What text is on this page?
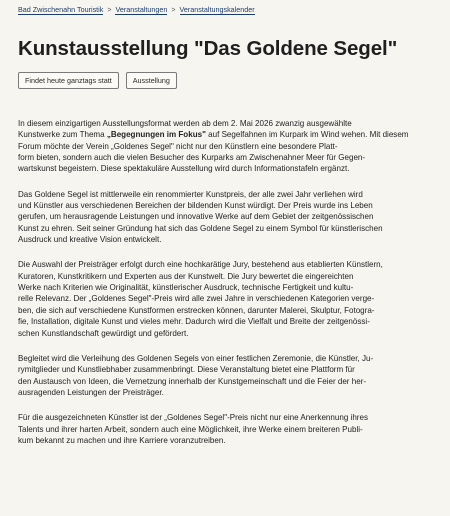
Bad Zwischenahn Touristik > Veranstaltungen > Veranstaltungskalender
Kunstausstellung "Das Goldene Segel"
Findet heute ganztags statt	Ausstellung

In diesem einzigartigen Ausstellungsformat werden ab dem 2. Mai 2026 zwanzig ausgewählte
Kunstwerke zum Thema „Begegnungen im Fokus" auf Segelfahnen im Kurpark im Wind wehen. Mit diesem
Forum möchte der Verein „Goldenes Segel" nicht nur den Künstlern eine besondere Platt-
form bieten, sondern auch die vielen Besucher des Kurparks am Zwischenahner Meer für Gegen-
wartskunst begeistern. Diese spektakuläre Ausstellung wird durch Informationstafeln ergänzt.

Das Goldene Segel ist mittlerweile ein renommierter Kunstpreis, der alle zwei Jahr verliehen wird
und Künstler aus verschiedenen Bereichen der bildenden Kunst würdigt. Der Preis wurde ins Leben
gerufen, um herausragende Leistungen und innovative Werke auf dem Gebiet der zeitgenössischen
Kunst zu ehren. Seit seiner Gründung hat sich das Goldene Segel zu einem Symbol für künstlerischen
Ausdruck und kreative Vision entwickelt.

Die Auswahl der Preisträger erfolgt durch eine hochkarätige Jury, bestehend aus etablierten Künstlern,
Kuratoren, Kunstkritikern und Experten aus der Kunstwelt. Die Jury bewertet die eingereichten
Werke nach Kriterien wie Originalität, künstlerischer Ausdruck, technische Fertigkeit und kultu-
relle Relevanz. Der „Goldenes Segel"-Preis wird alle zwei Jahre in verschiedenen Kategorien verge-
ben, die sich auf verschiedene Kunstformen erstrecken können, darunter Malerei, Skulptur, Fotogra-
fie, Installation, digitale Kunst und vieles mehr. Dadurch wird die Vielfalt und Breite der zeitgenössi-
schen Kunstlandschaft gewürdigt und gefördert.

Begleitet wird die Verleihung des Goldenen Segels von einer festlichen Zeremonie, die Künstler, Ju-
rymitglieder und Kunstliebhaber zusammenbringt. Diese Veranstaltung bietet eine Plattform für
den Austausch von Ideen, die Vernetzung innerhalb der Kunstgemeinschaft und die Feier der her-
ausragenden Leistungen der Preisträger.

Für die ausgezeichneten Künstler ist der „Goldenes Segel"-Preis nicht nur eine Anerkennung ihres
Talents und ihrer harten Arbeit, sondern auch eine Möglichkeit, ihre Werke einem breiteren Publi-
kum bekannt zu machen und ihre Karriere voranzutreiben.
